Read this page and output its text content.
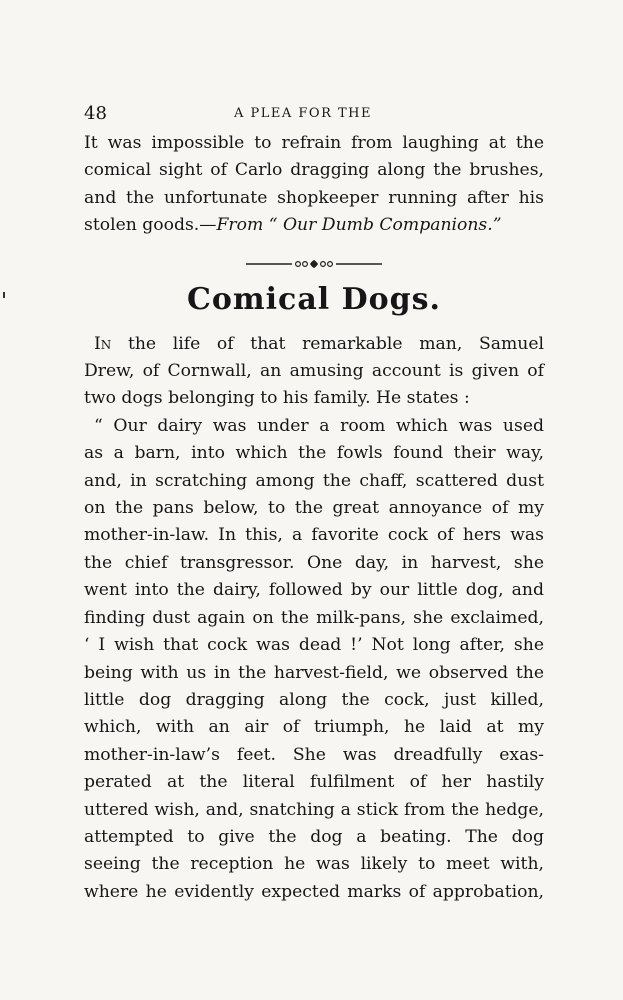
48	A PLEA FOR THE
It was impossible to refrain from laughing at the
comical sight of Carlo dragging along the brushes,
and the unfortunate shopkeeper running after his
stolen goods.—From “ Our Dumb Companions.”
Comical Dogs.
In the life of that remarkable man, Samuel
Drew, of Cornwall, an amusing account is given of
two dogs belonging to his family. He states :
“ Our dairy was under a room which was used
as a barn, into which the fowls found their way,
and, in scratching among the chaff, scattered dust
on the pans below, to the great annoyance of my
mother-in-law. In this, a favorite cock of hers was
the chief transgressor. One day, in harvest, she
went into the dairy, followed by our little dog, and
finding dust again on the milk-pans, she exclaimed,
‘ I wish that cock was dead !’ Not long after, she
being with us in the harvest-field, we observed the
little dog dragging along the cock, just killed,
which, with an air of triumph, he laid at my
mother-in-law’s feet. She was dreadfully exas-
perated at the literal fulfilment of her hastily
uttered wish, and, snatching a stick from the hedge,
attempted to give the dog a beating. The dog
seeing the reception he was likely to meet with,
where he evidently expected marks of approbation,
